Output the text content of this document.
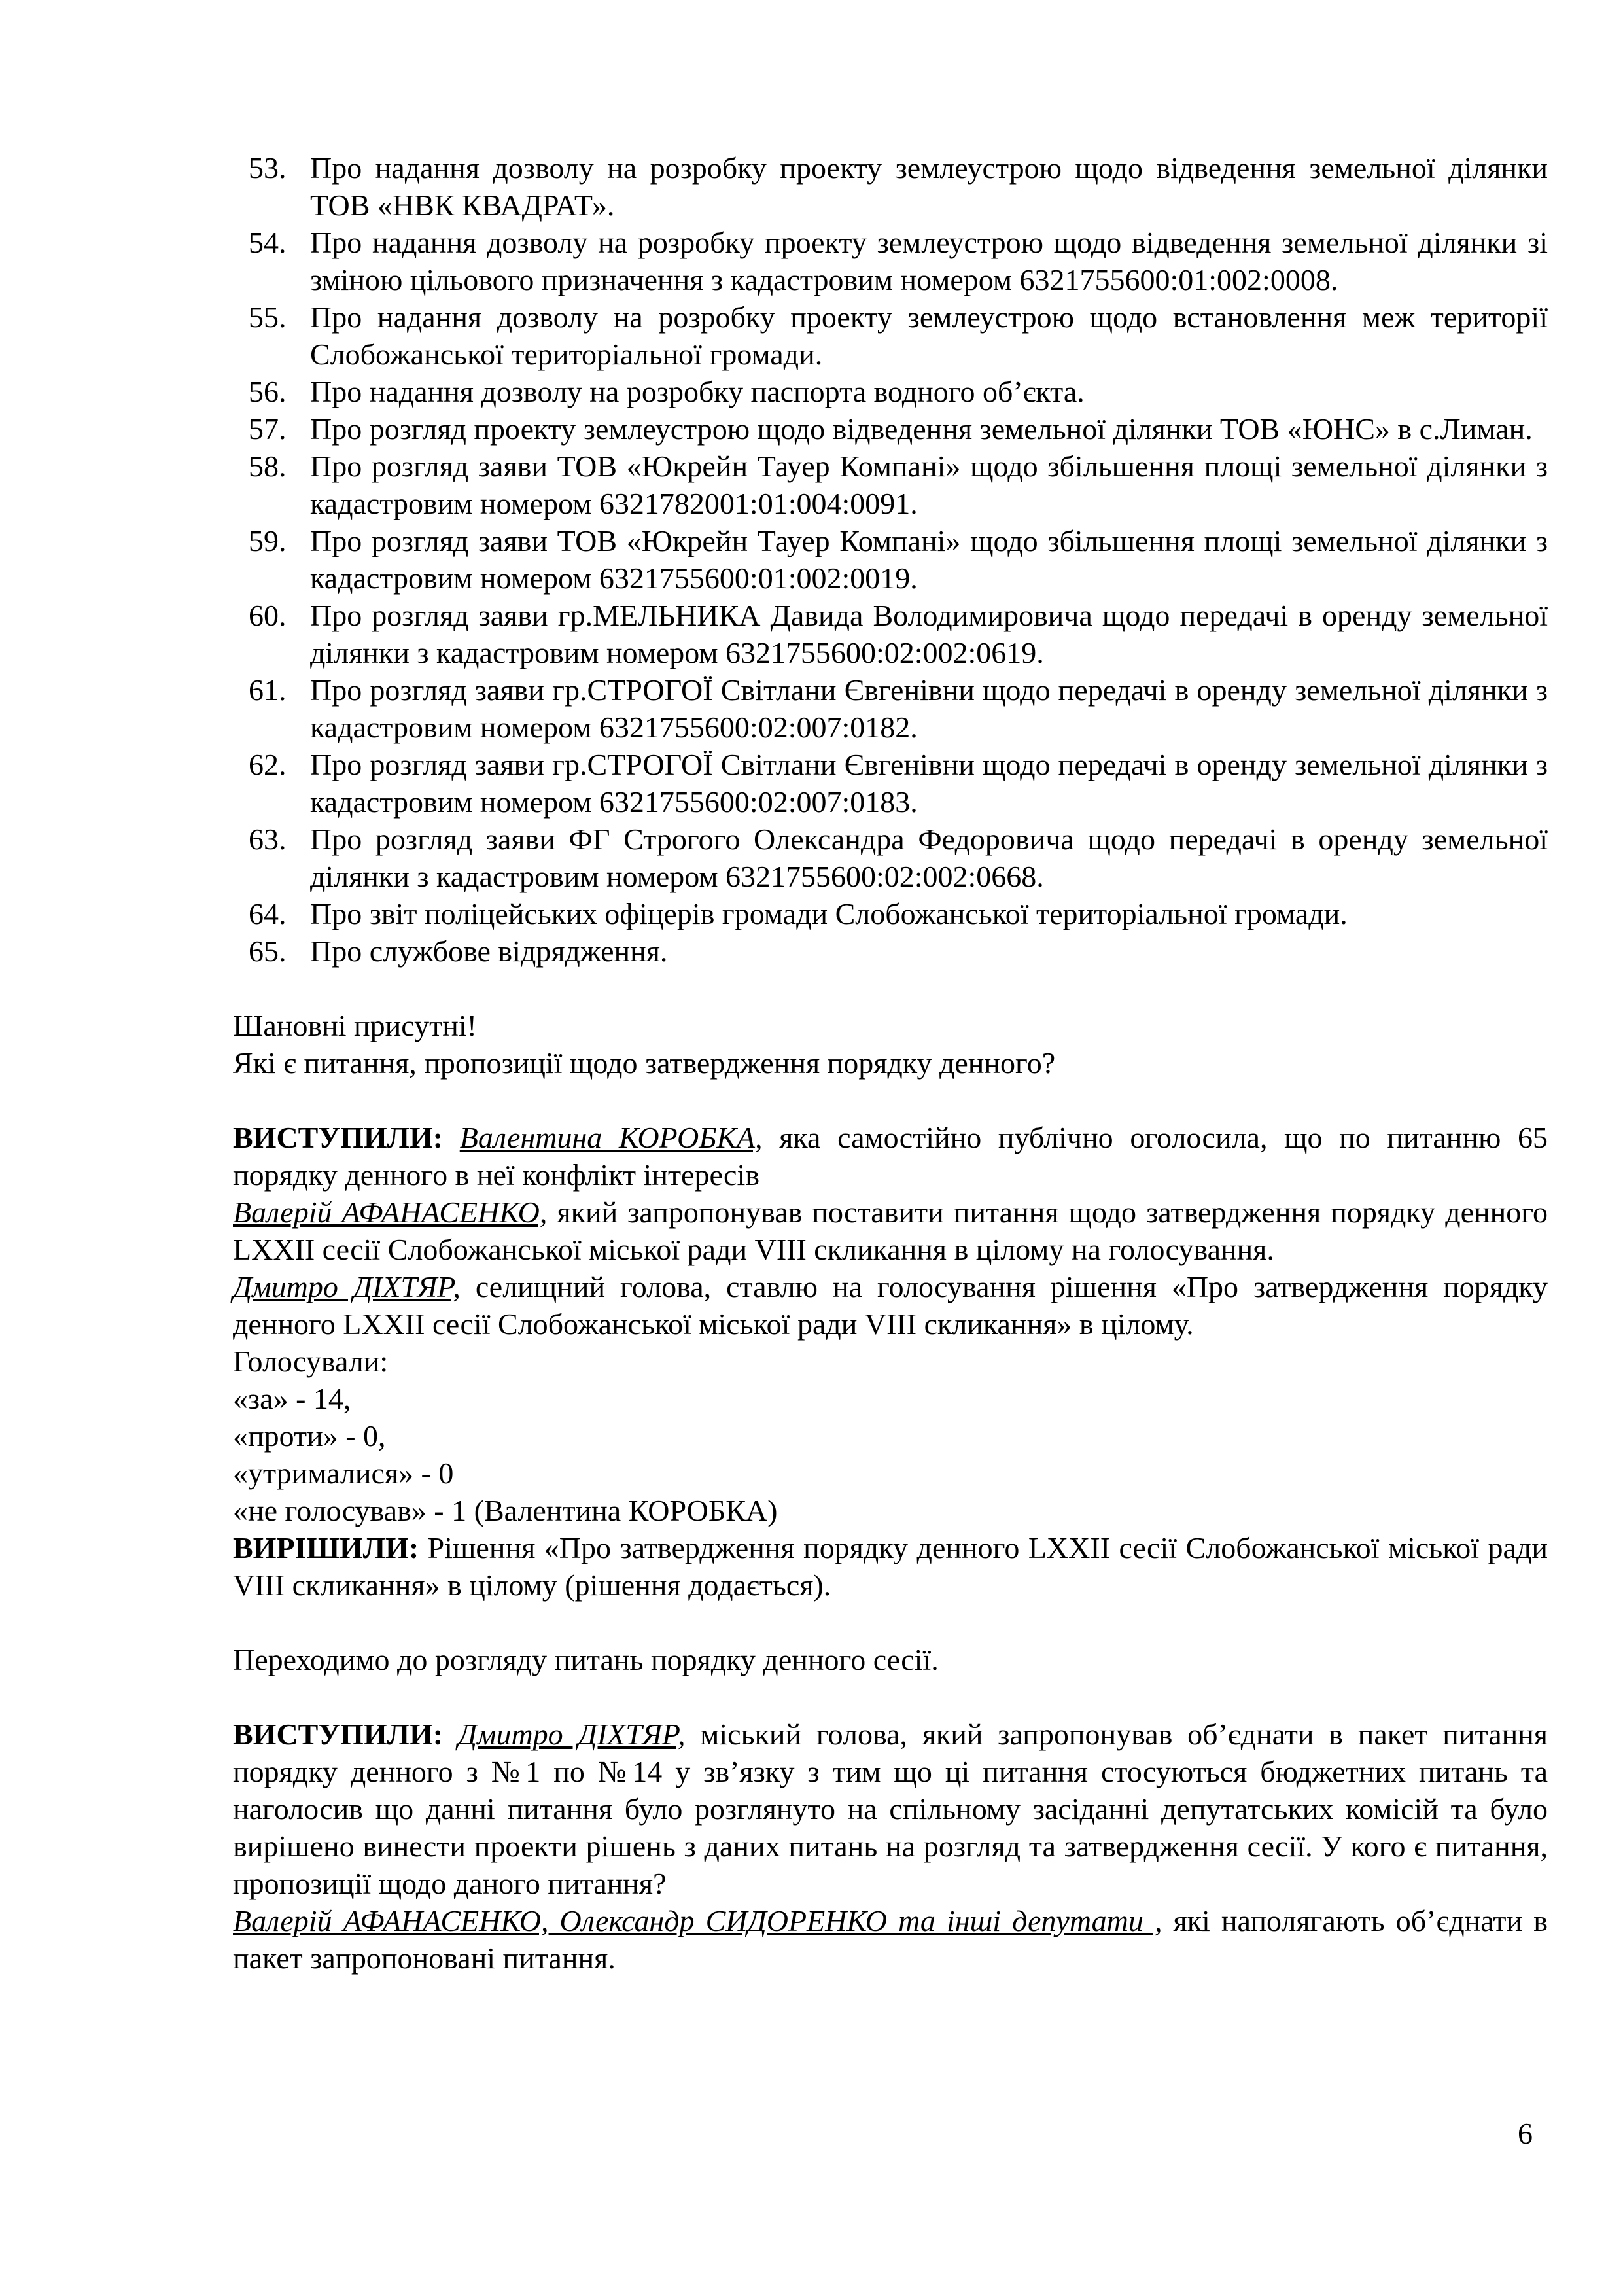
53. Про надання дозволу на розробку проекту землеустрою щодо відведення земельної ділянки ТОВ «НВК КВАДРАТ».
54. Про надання дозволу на розробку проекту землеустрою щодо відведення земельної ділянки зі зміною цільового призначення з кадастровим номером 6321755600:01:002:0008.
55. Про надання дозволу на розробку проекту землеустрою щодо встановлення меж території Слобожанської територіальної громади.
56. Про надання дозволу на розробку паспорта водного об’єкта.
57. Про розгляд проекту землеустрою щодо відведення земельної ділянки ТОВ «ЮНС» в с.Лиман.
58. Про розгляд заяви ТОВ «Юкрейн Тауер Компані» щодо збільшення площі земельної ділянки з кадастровим номером 6321782001:01:004:0091.
59. Про розгляд заяви ТОВ «Юкрейн Тауер Компані» щодо збільшення площі земельної ділянки з кадастровим номером 6321755600:01:002:0019.
60. Про розгляд заяви гр.МЕЛЬНИКА Давида Володимировича щодо передачі в оренду земельної ділянки з кадастровим номером 6321755600:02:002:0619.
61. Про розгляд заяви гр.СТРОГОЇ Світлани Євгенівни щодо передачі в оренду земельної ділянки з кадастровим номером 6321755600:02:007:0182.
62. Про розгляд заяви гр.СТРОГОЇ Світлани Євгенівни щодо передачі в оренду земельної ділянки з кадастровим номером 6321755600:02:007:0183.
63. Про розгляд заяви ФГ Строгого Олександра Федоровича щодо передачі в оренду земельної ділянки з кадастровим номером 6321755600:02:002:0668.
64. Про звіт поліцейських офіцерів громади Слобожанської територіальної громади.
65. Про службове відрядження.

Шановні присутні!

Які є питання, пропозиції щодо затвердження порядку денного?

ВИСТУПИЛИ: Валентина КОРОБКА, яка самостійно публічно оголосила, що по питанню 65 порядку денного в неї конфлікт інтересів

Валерій АФАНАСЕНКО, який запропонував поставити питання щодо затвердження порядку денного LXXII сесії Слобожанської міської ради VIII скликання в цілому на голосування.

Дмитро ДІХТЯР, селищний голова, ставлю на голосування рішення «Про затвердження порядку денного LXXII сесії Слобожанської міської ради VIII скликання» в цілому.

Голосували:

«за» - 14,

«проти» - 0,

«утрималися» - 0

«не голосував» - 1 (Валентина КОРОБКА)

ВИРІШИЛИ: Рішення «Про затвердження порядку денного LXXII сесії Слобожанської міської ради VIII скликання» в цілому (рішення додається).

Переходимо до розгляду питань порядку денного сесії.

ВИСТУПИЛИ: Дмитро ДІХТЯР, міський голова, який запропонував об’єднати в пакет питання порядку денного з №1 по №14 у зв’язку з тим що ці питання стосуються бюджетних питань та наголосив що данні питання було розглянуто на спільному засіданні депутатських комісій та було вирішено винести проекти рішень з даних питань на розгляд та затвердження сесії. У кого є питання, пропозиції щодо даного питання?

Валерій АФАНАСЕНКО, Олександр СИДОРЕНКО та інші депутати , які наполягають об’єднати в пакет запропоновані питання.

6
